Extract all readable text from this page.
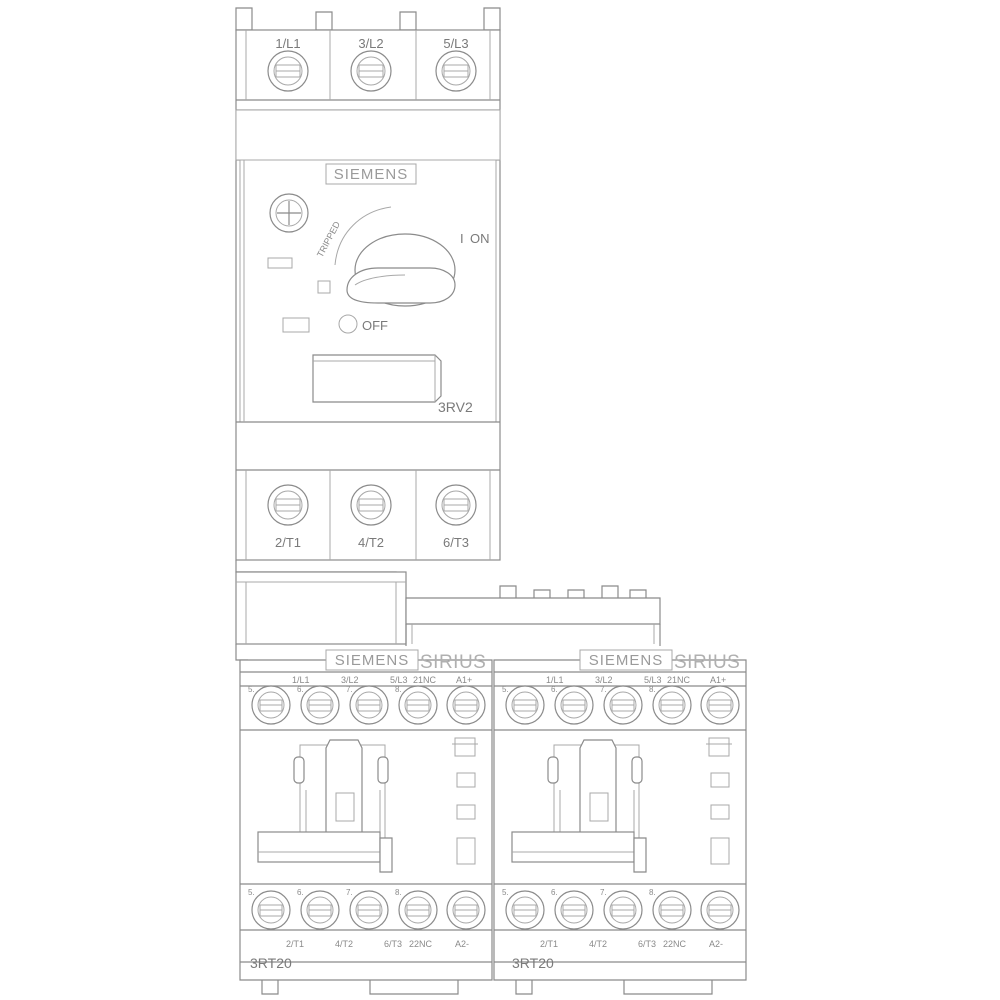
1/L1	3/L2	5/L3
SIEMENS
TRIPPED	I ON
OFF
3RV2
2/T1	4/T2	6/T3
SIEMENS SIRIUS
5.	6.	7.	8.
1/L1	3/L2	5/L3 21NC A1+
5.	6.	7.	8.
2/T1	4/T2	6/T3 22NC	A2-
3RT20
SIEMENS SIRIUS
5.	6.	7.	8.
1/L1	3/L2	5/L3 21NC A1+
5.	6.	7.	8.
2/T1	4/T2	6/T3 22NC	A2-
3RT20
